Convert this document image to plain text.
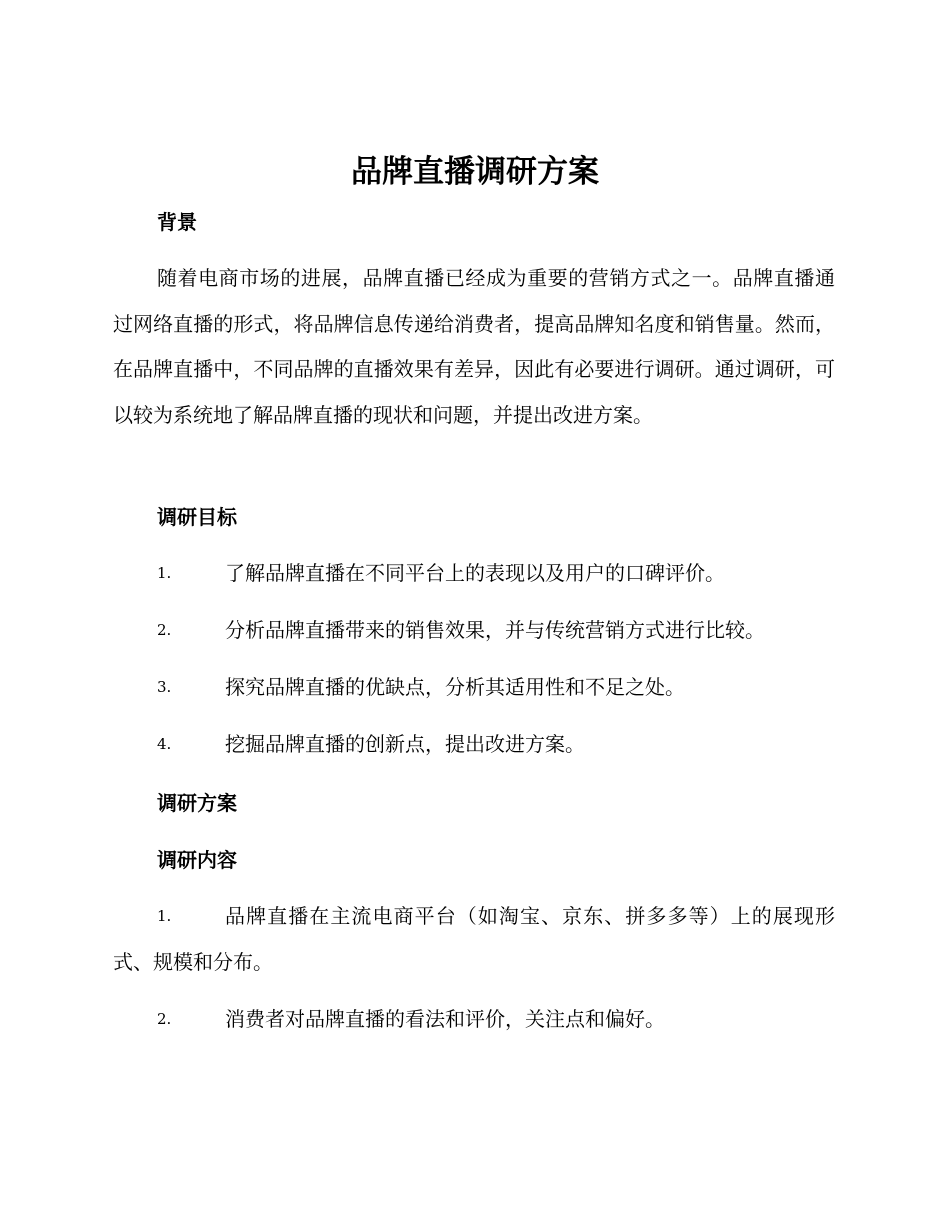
品牌直播调研方案
背景
随着电商市场的进展，品牌直播已经成为重要的营销方式之一。品牌直播通过网络直播的形式，将品牌信息传递给消费者，提高品牌知名度和销售量。然而，在品牌直播中，不同品牌的直播效果有差异，因此有必要进行调研。通过调研，可以较为系统地了解品牌直播的现状和问题，并提出改进方案。
调研目标
1.	了解品牌直播在不同平台上的表现以及用户的口碑评价。
2.	分析品牌直播带来的销售效果，并与传统营销方式进行比较。
3.	探究品牌直播的优缺点，分析其适用性和不足之处。
4.	挖掘品牌直播的创新点，提出改进方案。
调研方案
调研内容
1.	品牌直播在主流电商平台（如淘宝、京东、拼多多等）上的展现形式、规模和分布。
2.	消费者对品牌直播的看法和评价，关注点和偏好。
